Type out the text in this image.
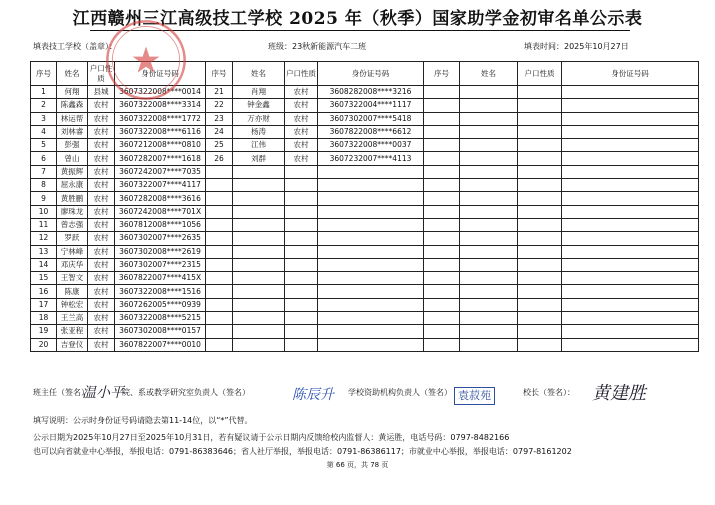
江西赣州三江高级技工学校 2025 年（秋季）国家助学金初审名单公示表
填表技工学校（盖章）：	班级：23秋新能源汽车二班	填表时间：2025年10月27日
序号	姓名	户口性质	身份证号码	序号	姓名	户口性质	身份证号码	序号	姓名	户口性质	身份证号码
1	何翔	县城	3607322008****0014	21	肖翔	农村	3608282008****3216				
2	陈鑫森	农村	3607322008****3314	22	钟金鑫	农村	3607322004****1117				
3	林运帮	农村	3607322008****1772	23	万亦财	农村	3607302007****5418				
4	刘林睿	农村	3607322008****6116	24	杨涛	农村	3607822008****6612				
5	彭强	农村	3607212008****0810	25	江伟	农村	3607322008****0037				
6	曾山	农村	3607282007****1618	26	刘群	农村	3607232007****4113				
7	黄振辉	农村	3607242007****7035								
8	屈永康	农村	3607322007****4117								
9	黄胜鹏	农村	3607282008****3616								
10	廖珠龙	农村	3607242008****701X								
11	曾志强	农村	3607812008****1056								
12	罗跃	农村	3607302007****2635								
13	宁林峰	农村	3607302008****2619								
14	邓庆华	农村	3607302007****2315								
15	王智文	农村	3607822007****415X								
16	陈康	农村	3607322008****1516								
17	钟松宏	农村	3607262005****0939								
18	王兰高	农村	3607322008****5215								
19	张亚程	农村	3607302008****0157								
20	吉登仪	农村	3607822007****0010								
班主任（签名）
温小平
院、系或教学研究室负责人（签名）	陈辰升 学校资助机构负责人（签名） 袁菽苑	校长（签名）： 黄建胜
填写说明：公示时身份证号码请隐去第11-14位，以“*”代替。
公示日期为2025年10月27日至2025年10月31日，若有疑议请于公示日期内反馈给校内监督人：黄运胜，电话号码：0797-8482166
也可以向省就业中心举报，举报电话：0791-86383646；省人社厅举报，举报电话：0791-86386117；市就业中心举报，举报电话：0797-8161202
第 66 页，共 78 页
